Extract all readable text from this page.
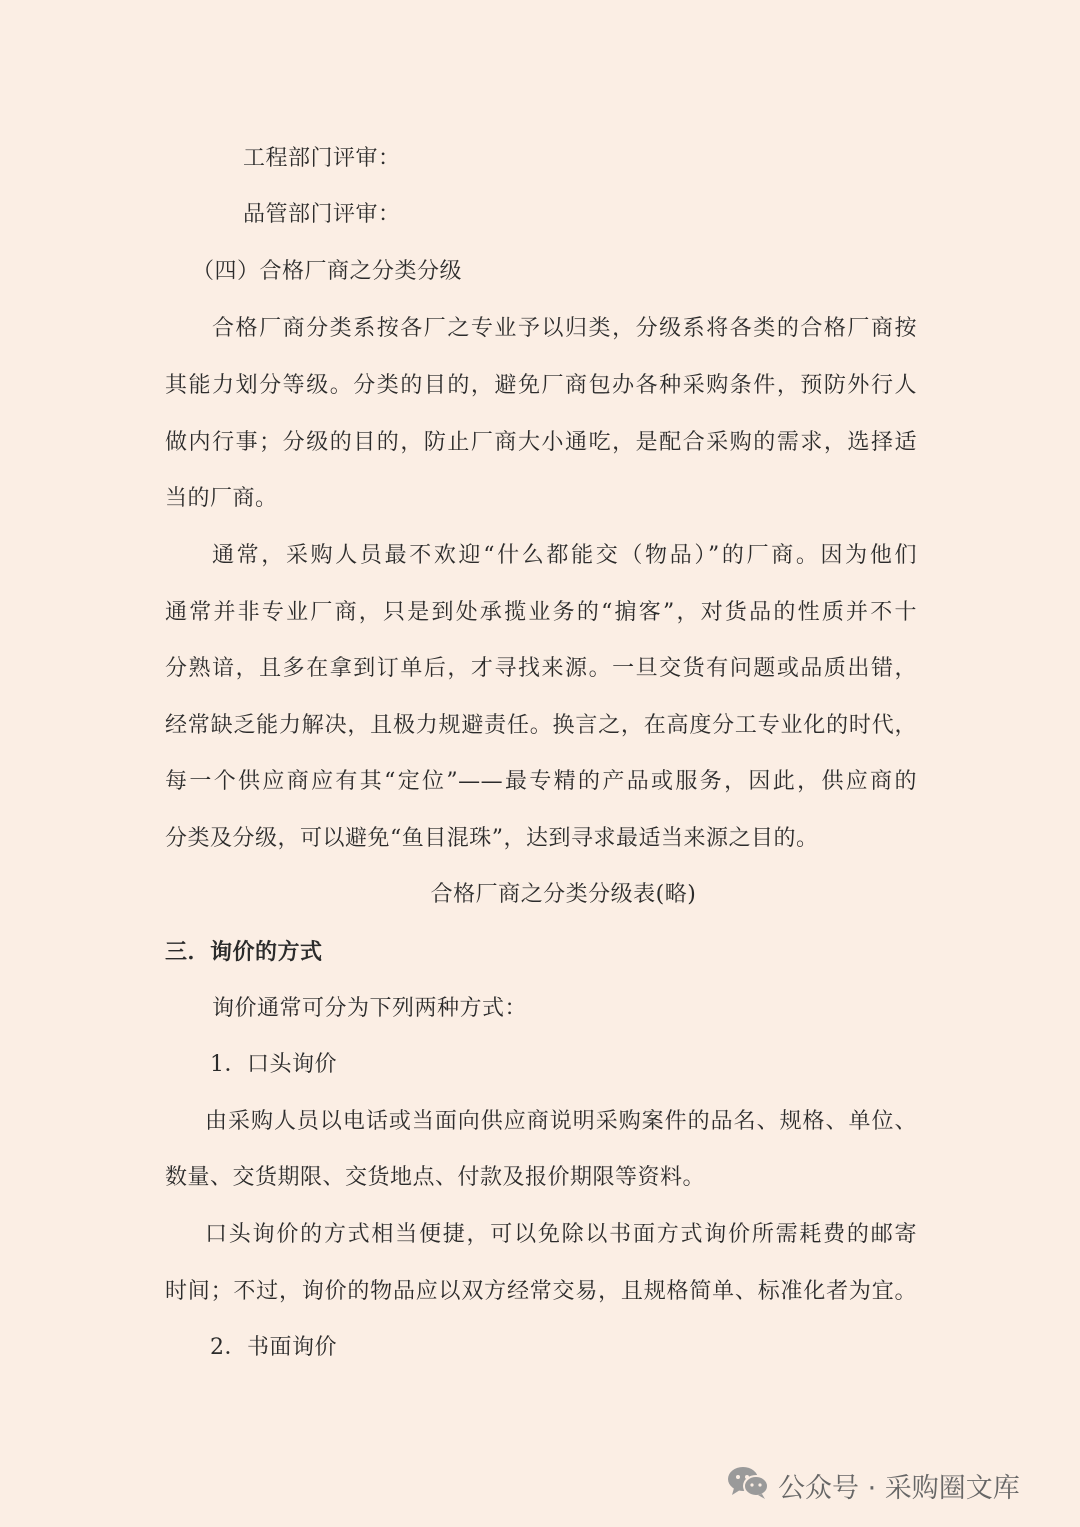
工程部门评审：
品管部门评审：
（四）合格厂商之分类分级
合格厂商分类系按各厂之专业予以归类，分级系将各类的合格厂商按
其能力划分等级。分类的目的，避免厂商包办各种采购条件，预防外行人
做内行事；分级的目的，防止厂商大小通吃，是配合采购的需求，选择适
当的厂商。
通常，采购人员最不欢迎“什么都能交（物品）”的厂商。因为他们
通常并非专业厂商，只是到处承揽业务的“掮客”，对货品的性质并不十
分熟谙，且多在拿到订单后，才寻找来源。一旦交货有问题或品质出错，
经常缺乏能力解决，且极力规避责任。换言之，在高度分工专业化的时代，
每一个供应商应有其“定位”——最专精的产品或服务，因此，供应商的
分类及分级，可以避免“鱼目混珠”，达到寻求最适当来源之目的。
合格厂商之分类分级表(略)
三．询价的方式
询价通常可分为下列两种方式：
1．口头询价
由采购人员以电话或当面向供应商说明采购案件的品名、规格、单位、
数量、交货期限、交货地点、付款及报价期限等资料。
口头询价的方式相当便捷，可以免除以书面方式询价所需耗费的邮寄
时间；不过，询价的物品应以双方经常交易，且规格简单、标准化者为宜。
2．书面询价
公众号 · 采购圈文库
